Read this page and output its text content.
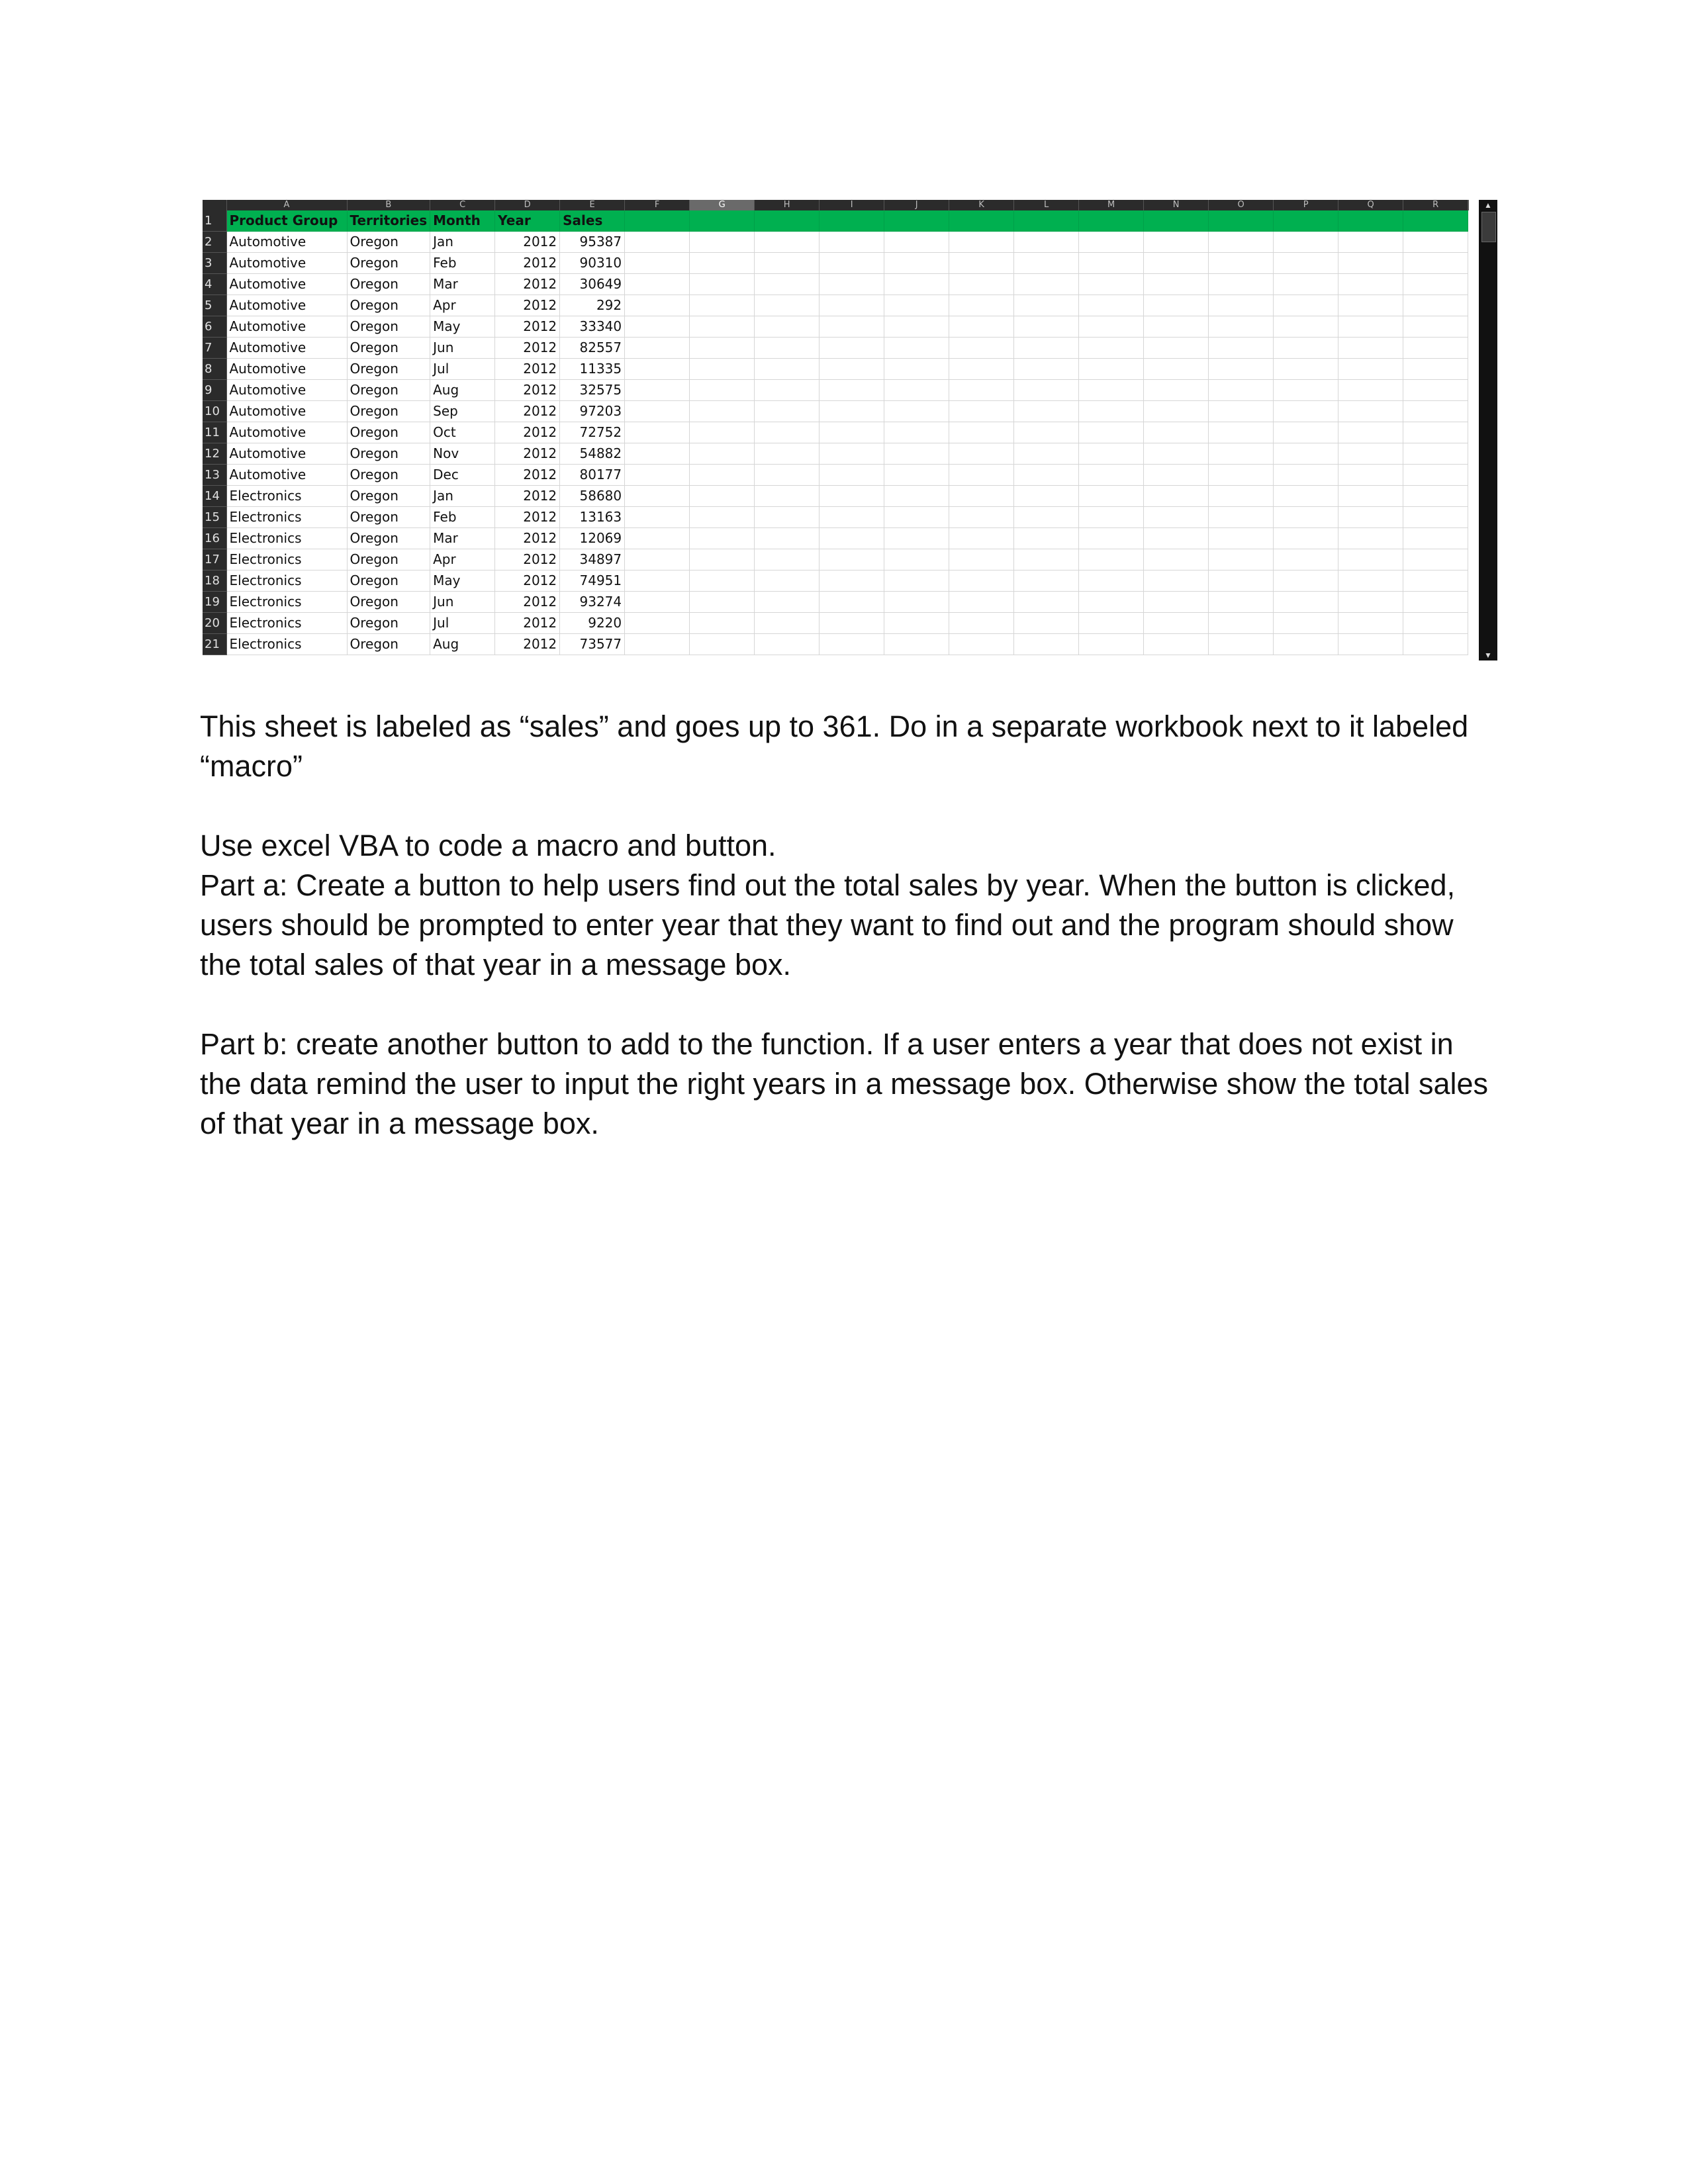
	A	B	C	D	E	F	G	H	I	J	K	L	M	N	O	P	Q	R	
1	Product Group	Territories	Month	Year	Sales														
2	Automotive	Oregon	Jan	2012	95387														
3	Automotive	Oregon	Feb	2012	90310														
4	Automotive	Oregon	Mar	2012	30649														
5	Automotive	Oregon	Apr	2012	292														
6	Automotive	Oregon	May	2012	33340														
7	Automotive	Oregon	Jun	2012	82557														
8	Automotive	Oregon	Jul	2012	11335														
9	Automotive	Oregon	Aug	2012	32575														
10	Automotive	Oregon	Sep	2012	97203														
11	Automotive	Oregon	Oct	2012	72752														
12	Automotive	Oregon	Nov	2012	54882														
13	Automotive	Oregon	Dec	2012	80177														
14	Electronics	Oregon	Jan	2012	58680														
15	Electronics	Oregon	Feb	2012	13163														
16	Electronics	Oregon	Mar	2012	12069														
17	Electronics	Oregon	Apr	2012	34897														
18	Electronics	Oregon	May	2012	74951														
19	Electronics	Oregon	Jun	2012	93274														
20	Electronics	Oregon	Jul	2012	9220														
21	Electronics	Oregon	Aug	2012	73577														
▲
▼

This sheet is labeled as “sales” and goes up to 361. Do in a separate workbook next to it labeled “macro”

Use excel VBA to code a macro and button.

Part a: Create a button to help users find out the total sales by year. When the button is clicked, users should be prompted to enter year that they want to find out and the program should show the total sales of that year in a message box.

Part b: create another button to add to the function. If a user enters a year that does not exist in the data remind the user to input the right years in a message box. Otherwise show the total sales of that year in a message box.
